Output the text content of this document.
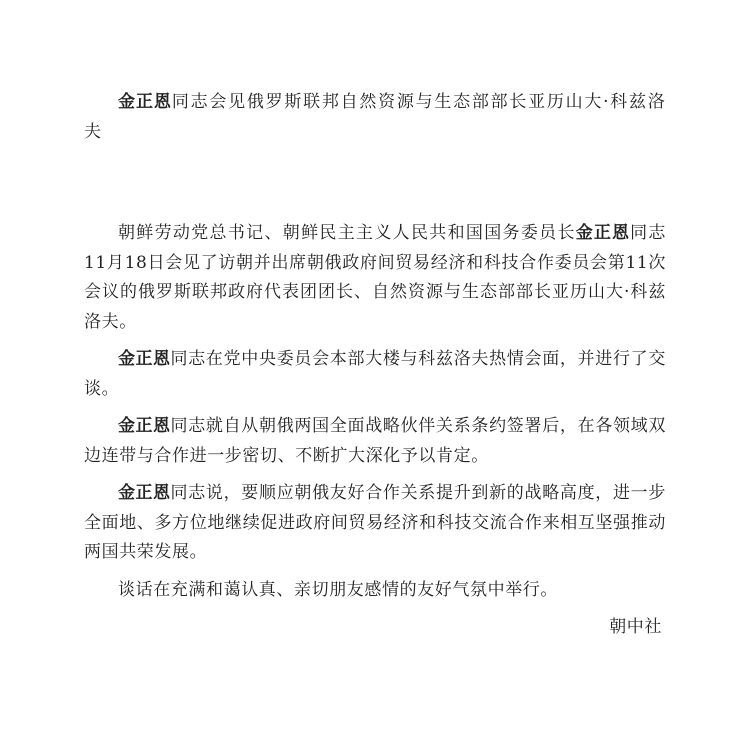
金正恩同志会见俄罗斯联邦自然资源与生态部部长亚历山大·科兹洛夫

朝鲜劳动党总书记、朝鲜民主主义人民共和国国务委员长金正恩同志11月18日会见了访朝并出席朝俄政府间贸易经济和科技合作委员会第11次会议的俄罗斯联邦政府代表团团长、自然资源与生态部部长亚历山大·科兹洛夫。

金正恩同志在党中央委员会本部大楼与科兹洛夫热情会面，并进行了交谈。

金正恩同志就自从朝俄两国全面战略伙伴关系条约签署后，在各领域双边连带与合作进一步密切、不断扩大深化予以肯定。

金正恩同志说，要顺应朝俄友好合作关系提升到新的战略高度，进一步全面地、多方位地继续促进政府间贸易经济和科技交流合作来相互坚强推动两国共荣发展。

谈话在充满和蔼认真、亲切朋友感情的友好气氛中举行。

朝中社
